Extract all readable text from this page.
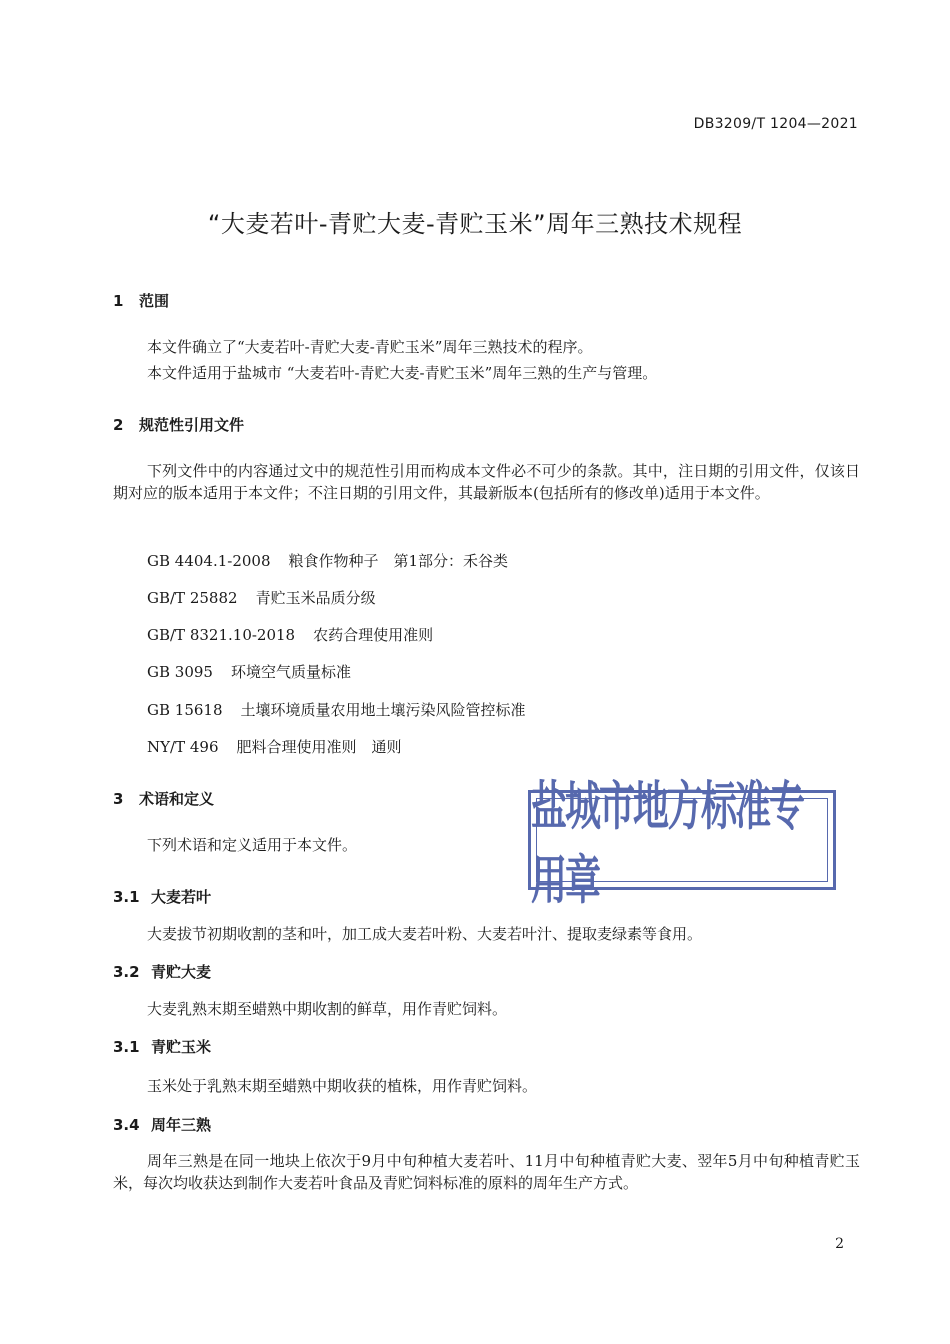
DB3209/T 1204—2021
“大麦若叶-青贮大麦-青贮玉米”周年三熟技术规程
1 范围
本文件确立了“大麦若叶-青贮大麦-青贮玉米”周年三熟技术的程序。
本文件适用于盐城市 “大麦若叶-青贮大麦-青贮玉米”周年三熟的生产与管理。
2 规范性引用文件
下列文件中的内容通过文中的规范性引用而构成本文件必不可少的条款。其中，注日期的引用文件，仅该日期对应的版本适用于本文件；不注日期的引用文件，其最新版本(包括所有的修改单)适用于本文件。
GB 4404.1-2008 粮食作物种子　第1部分：禾谷类
GB/T 25882 青贮玉米品质分级
GB/T 8321.10-2018 农药合理使用准则
GB 3095 环境空气质量标准
GB 15618 土壤环境质量农用地土壤污染风险管控标准
NY/T 496 肥料合理使用准则　通则
3 术语和定义
下列术语和定义适用于本文件。
盐城市地方标准专用章
3.1 大麦若叶
大麦拔节初期收割的茎和叶，加工成大麦若叶粉、大麦若叶汁、提取麦绿素等食用。
3.2 青贮大麦
大麦乳熟末期至蜡熟中期收割的鲜草，用作青贮饲料。
3.1 青贮玉米
玉米处于乳熟末期至蜡熟中期收获的植株，用作青贮饲料。
3.4 周年三熟
周年三熟是在同一地块上依次于9月中旬种植大麦若叶、11月中旬种植青贮大麦、翌年5月中旬种植青贮玉米，每次均收获达到制作大麦若叶食品及青贮饲料标准的原料的周年生产方式。
2
